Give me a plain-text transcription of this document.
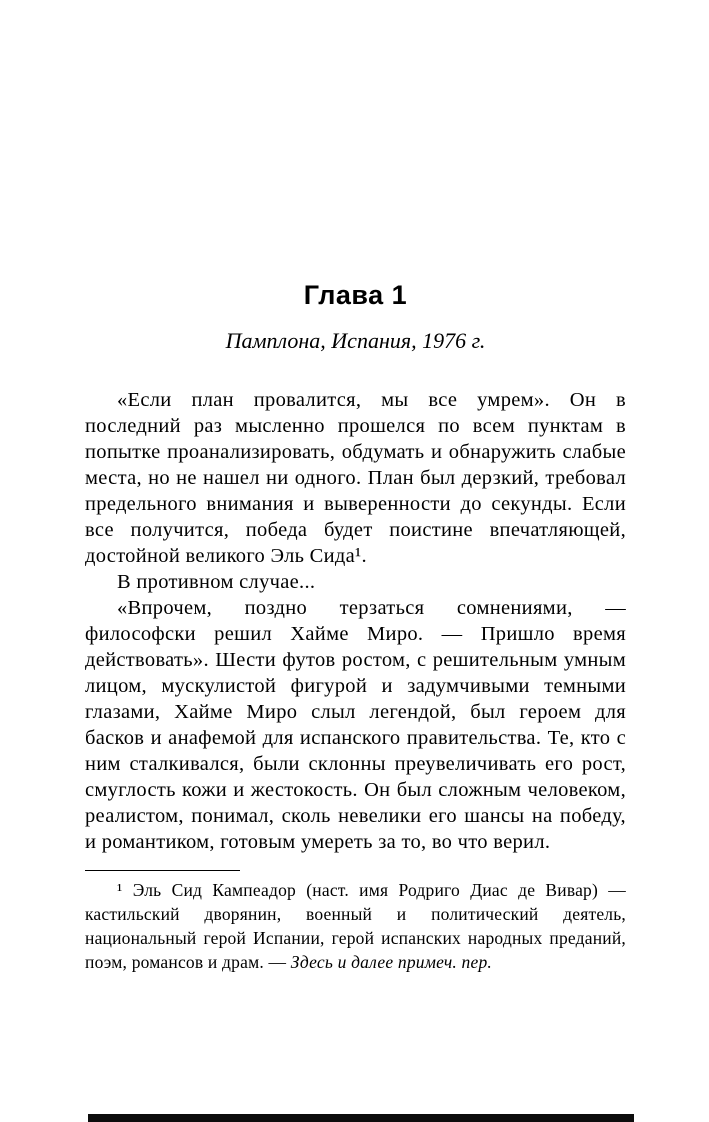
Глава 1
Памплона, Испания, 1976 г.

«Если план провалится, мы все умрем». Он в последний раз мысленно прошелся по всем пунктам в попытке проанализировать, обдумать и обнаружить слабые места, но не нашел ни одного. План был дерзкий, требовал предельного внимания и выверенности до секунды. Если все получится, победа будет поистине впечатляющей, достойной великого Эль Сида¹.

В противном случае...

«Впрочем, поздно терзаться сомнениями, — философски решил Хайме Миро. — Пришло время действовать». Шести футов ростом, с решительным умным лицом, мускулистой фигурой и задумчивыми темными глазами, Хайме Миро слыл легендой, был героем для басков и анафемой для испанского правительства. Те, кто с ним сталкивался, были склонны преувеличивать его рост, смуглость кожи и жестокость. Он был сложным человеком, реалистом, понимал, сколь невелики его шансы на победу, и романтиком, готовым умереть за то, во что верил.

¹ Эль Сид Кампеадор (наст. имя Родриго Диас де Вивар) — кастильский дворянин, военный и политический деятель, национальный герой Испании, герой испанских народных преданий, поэм, романсов и драм. — Здесь и далее примеч. пер.
